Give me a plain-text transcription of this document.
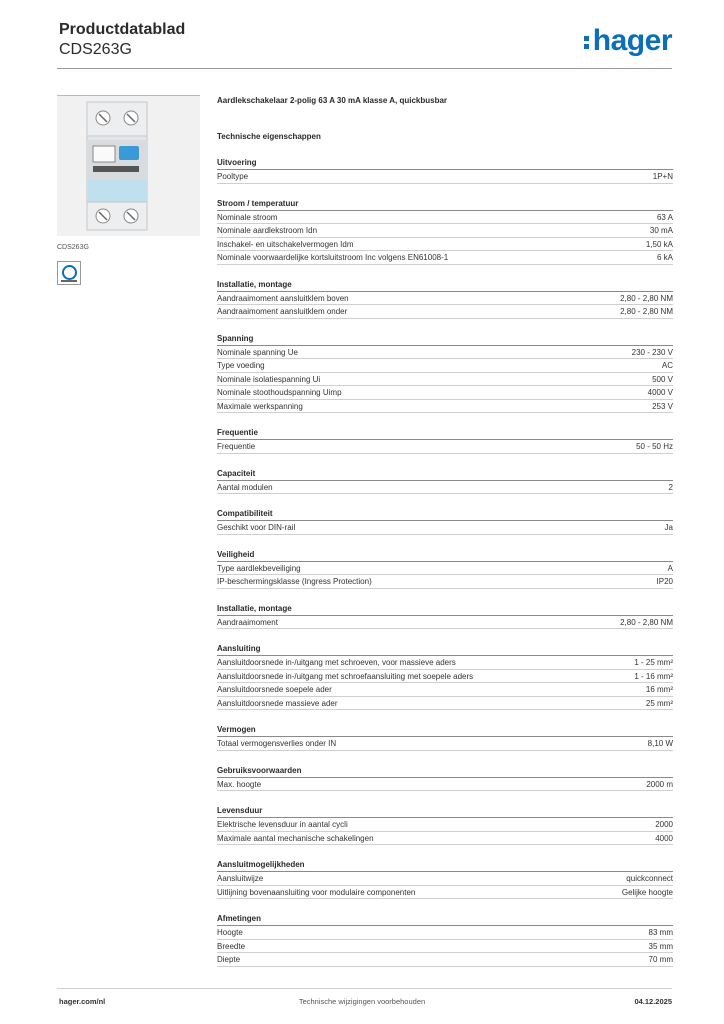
Productdatablad
CDS263G	hager
CDS263G
Aardlekschakelaar 2-polig 63 A 30 mA klasse A, quickbusbar
Technische eigenschappen
Uitvoering
Pooltype	1P+N
Stroom / temperatuur
Nominale stroom	63 A
Nominale aardlekstroom Idn	30 mA
Inschakel- en uitschakelvermogen Idm	1,50 kA
Nominale voorwaardelijke kortsluitstroom Inc volgens EN61008-1	6 kA
Installatie, montage
Aandraaimoment aansluitklem boven	2,80 - 2,80 NM
Aandraaimoment aansluitklem onder	2,80 - 2,80 NM
Spanning
Nominale spanning Ue	230 - 230 V
Type voeding	AC
Nominale isolatiespanning Ui	500 V
Nominale stoothoudspanning Uimp	4000 V
Maximale werkspanning	253 V
Frequentie
Frequentie	50 - 50 Hz
Capaciteit
Aantal modulen	2
Compatibiliteit
Geschikt voor DIN-rail	Ja
Veiligheid
Type aardlekbeveiliging	A
IP-beschermingsklasse (Ingress Protection)	IP20
Installatie, montage
Aandraaimoment	2,80 - 2,80 NM
Aansluiting
Aansluitdoorsnede in-/uitgang met schroeven, voor massieve aders	1 - 25 mm²
Aansluitdoorsnede in-/uitgang met schroefaansluiting met soepele aders	1 - 16 mm²
Aansluitdoorsnede soepele ader	16 mm²
Aansluitdoorsnede massieve ader	25 mm²
Vermogen
Totaal vermogensverlies onder IN	8,10 W
Gebruiksvoorwaarden
Max. hoogte	2000 m
Levensduur
Elektrische levensduur in aantal cycli	2000
Maximale aantal mechanische schakelingen	4000
Aansluitmogelijkheden
Aansluitwijze	quickconnect
Uitlijning bovenaansluiting voor modulaire componenten	Gelijke hoogte
Afmetingen
Hoogte	83 mm
Breedte	35 mm
Diepte	70 mm
hager.com/nl	Technische wijzigingen voorbehouden	04.12.2025
